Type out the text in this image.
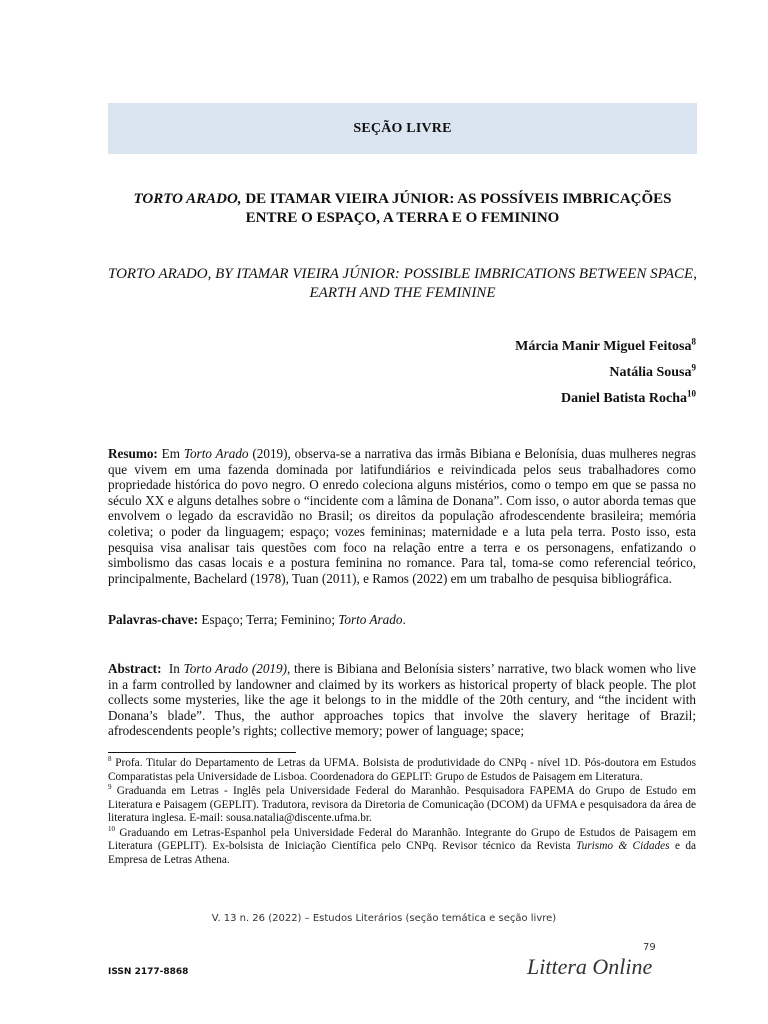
SEÇÃO LIVRE
TORTO ARADO, DE ITAMAR VIEIRA JÚNIOR: AS POSSÍVEIS IMBRICAÇÕES ENTRE O ESPAÇO, A TERRA E O FEMININO
TORTO ARADO, BY ITAMAR VIEIRA JÚNIOR: POSSIBLE IMBRICATIONS BETWEEN SPACE, EARTH AND THE FEMININE
Márcia Manir Miguel Feitosa$^8$
Natália Sousa$^9$
Daniel Batista Rocha$^{10}$
Resumo: Em Torto Arado (2019), observa-se a narrativa das irmãs Bibiana e Belonísia, duas mulheres negras que vivem em uma fazenda dominada por latifundiários e reivindicada pelos seus trabalhadores como propriedade histórica do povo negro. O enredo coleciona alguns mistérios, como o tempo em que se passa no século XX e alguns detalhes sobre o “incidente com a lâmina de Donana”. Com isso, o autor aborda temas que envolvem o legado da escravidão no Brasil; os direitos da população afrodescendente brasileira; memória coletiva; o poder da linguagem; espaço; vozes femininas; maternidade e a luta pela terra. Posto isso, esta pesquisa visa analisar tais questões com foco na relação entre a terra e os personagens, enfatizando o simbolismo das casas locais e a postura feminina no romance. Para tal, toma-se como referencial teórico, principalmente, Bachelard (1978), Tuan (2011), e Ramos (2022) em um trabalho de pesquisa bibliográfica.
Palavras-chave: Espaço; Terra; Feminino; Torto Arado.
Abstract:  In Torto Arado (2019), there is Bibiana and Belonísia sisters’ narrative, two black women who live in a farm controlled by landowner and claimed by its workers as historical property of black people. The plot collects some mysteries, like the age it belongs to in the middle of the 20th century, and “the incident with Donana’s blade”. Thus, the author approaches topics that involve the slavery heritage of Brazil; afrodescendents people’s rights; collective memory; power of language; space;
$^8$ Profa. Titular do Departamento de Letras da UFMA. Bolsista de produtividade do CNPq - nível 1D. Pós-doutora em Estudos Comparatistas pela Universidade de Lisboa. Coordenadora do GEPLIT: Grupo de Estudos de Paisagem em Literatura.
$^9$ Graduanda em Letras - Inglês pela Universidade Federal do Maranhão. Pesquisadora FAPEMA do Grupo de Estudo em Literatura e Paisagem (GEPLIT). Tradutora, revisora da Diretoria de Comunicação (DCOM) da UFMA e pesquisadora da área de literatura inglesa. E-mail: sousa.natalia@discente.ufma.br.
$^{10}$ Graduando em Letras-Espanhol pela Universidade Federal do Maranhão. Integrante do Grupo de Estudos de Paisagem em Literatura (GEPLIT). Ex-bolsista de Iniciação Científica pelo CNPq. Revisor técnico da Revista Turismo & Cidades e da Empresa de Letras Athena.
V. 13 n. 26 (2022) – Estudos Literários (seção temática e seção livre)
79
ISSN 2177-8868	Littera Online
